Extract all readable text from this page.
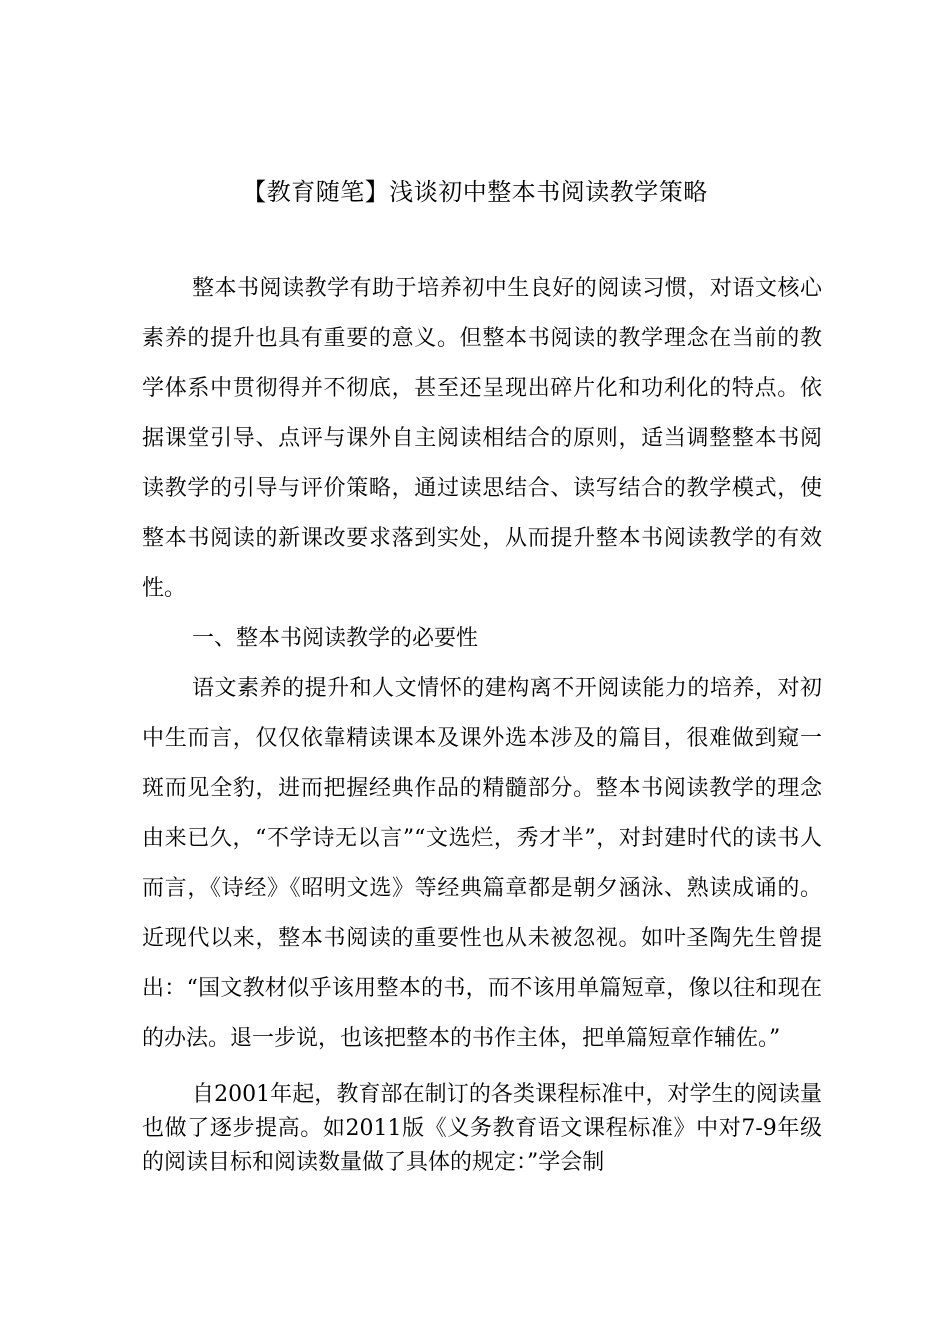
【教育随笔】浅谈初中整本书阅读教学策略

整本书阅读教学有助于培养初中生良好的阅读习惯，对语文核心素养的提升也具有重要的意义。但整本书阅读的教学理念在当前的教学体系中贯彻得并不彻底，甚至还呈现出碎片化和功利化的特点。依据课堂引导、点评与课外自主阅读相结合的原则，适当调整整本书阅读教学的引导与评价策略，通过读思结合、读写结合的教学模式，使整本书阅读的新课改要求落到实处，从而提升整本书阅读教学的有效性。

一、整本书阅读教学的必要性

语文素养的提升和人文情怀的建构离不开阅读能力的培养，对初中生而言，仅仅依靠精读课本及课外选本涉及的篇目，很难做到窥一斑而见全豹，进而把握经典作品的精髓部分。整本书阅读教学的理念由来已久，“不学诗无以言”“文选烂，秀才半”，对封建时代的读书人而言，《诗经》《昭明文选》等经典篇章都是朝夕涵泳、熟读成诵的。近现代以来，整本书阅读的重要性也从未被忽视。如叶圣陶先生曾提出：“国文教材似乎该用整本的书，而不该用单篇短章，像以往和现在的办法。退一步说，也该把整本的书作主体，把单篇短章作辅佐。”

自2001年起，教育部在制订的各类课程标准中，对学生的阅读量也做了逐步提高。如2011版《义务教育语文课程标准》中对7-9年级的阅读目标和阅读数量做了具体的规定：”学会制
